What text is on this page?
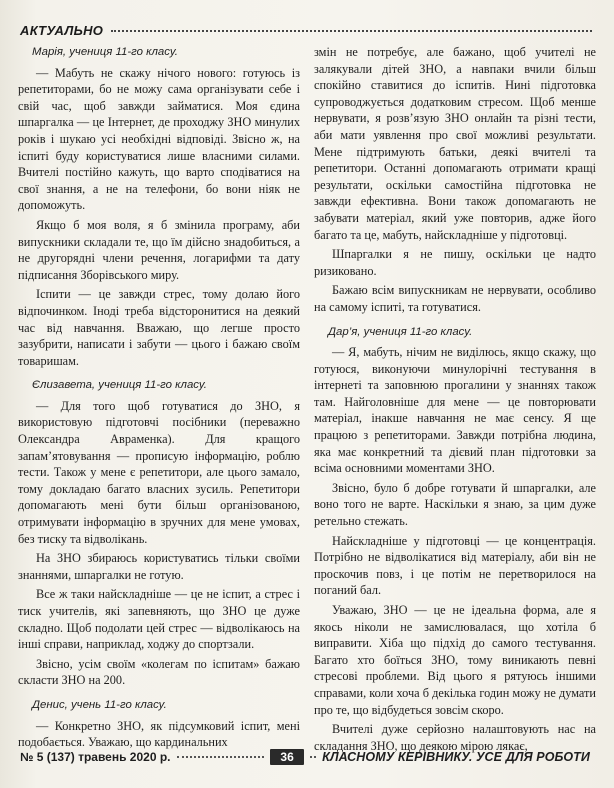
АКТУАЛЬНО

Марія, учениця 11-го класу.

— Мабуть не скажу нічого нового: готуюсь із репетиторами, бо не можу сама організувати себе і свій час, щоб завжди займатися. Моя єдина шпаргалка — це Інтернет, де проходжу ЗНО минулих років і шукаю усі необхідні відповіді. Звісно ж, на іспиті буду користуватися лише власними силами. Вчителі постійно кажуть, що варто сподіватися на свої знання, а не на телефони, бо вони ніяк не допоможуть.

Якщо б моя воля, я б змінила програму, аби випускники складали те, що їм дійсно знадобиться, а не другорядні члени речення, логарифми та дату підписання Зборівського миру.

Іспити — це завжди стрес, тому долаю його відпочинком. Іноді треба відсторонитися на деякий час від навчання. Вважаю, що легше просто зазубрити, написати і забути — цього і бажаю своїм товаришам.

Єлизавета, учениця 11-го класу.

— Для того щоб готуватися до ЗНО, я використовую підготовчі посібники (переважно Олександра Авраменка). Для кращого запам’ятовування — прописую інформацію, роблю тести. Також у мене є репетитори, але цього замало, тому докладаю багато власних зусиль. Репетитори допомагають мені бути більш організованою, отримувати інформацію в зручних для мене умовах, без тиску та відволікань.

На ЗНО збираюсь користуватись тільки своїми знаннями, шпаргалки не готую.

Все ж таки найскладніше — це не іспит, а стрес і тиск учителів, які запевняють, що ЗНО це дуже складно. Щоб подолати цей стрес — відволікаюсь на інші справи, наприклад, ходжу до спортзали.

Звісно, усім своїм «колегам по іспитам» бажаю скласти ЗНО на 200.

Денис, учень 11-го класу.

— Конкретно ЗНО, як підсумковий іспит, мені подобається. Уважаю, що кардинальних

змін не потребує, але бажано, щоб учителі не залякували дітей ЗНО, а навпаки вчили більш спокійно ставитися до іспитів. Нині підготовка супроводжується додатковим стресом. Щоб менше нервувати, я розв’язую ЗНО онлайн та різні тести, аби мати уявлення про свої можливі результати. Мене підтримують батьки, деякі вчителі та репетитори. Останні допомагають отримати кращі результати, оскільки самостійна підготовка не завжди ефективна. Вони також допомагають не забувати матеріал, який уже повторив, адже його багато та це, мабуть, найскладніше у підготовці.

Шпаргалки я не пишу, оскільки це надто ризиковано.

Бажаю всім випускникам не нервувати, особливо на самому іспиті, та готуватися.

Дар’я, учениця 11-го класу.

— Я, мабуть, нічим не виділюсь, якщо скажу, що готуюся, виконуючи минулорічні тестування в інтернеті та заповнюю прогалини у знаннях також там. Найголовніше для мене — це повторювати матеріал, інакше навчання не має сенсу. Я ще працюю з репетиторами. Завжди потрібна людина, яка має конкретний та дієвий план підготовки за всіма основними моментами ЗНО.

Звісно, було б добре готувати й шпаргалки, але воно того не варте. Наскільки я знаю, за цим дуже ретельно стежать.

Найскладніше у підготовці — це концентрація. Потрібно не відволікатися від матеріалу, аби він не проскочив повз, і це потім не перетворилося на поганий бал.

Уважаю, ЗНО — це не ідеальна форма, але я якось ніколи не замислювалася, що хотіла б виправити. Хіба що підхід до самого тестування. Багато хто боїться ЗНО, тому виникають певні стресові проблеми. Від цього я рятуюсь іншими справами, коли хоча б декілька годин можу не думати про те, що відбудеться зовсім скоро.

Вчителі дуже серйозно налаштовують нас на складання ЗНО, що деякою мірою лякає,

№ 5 (137) травень 2020 р.	36	КЛАСНОМУ КЕРІВНИКУ. УСЕ ДЛЯ РОБОТИ
